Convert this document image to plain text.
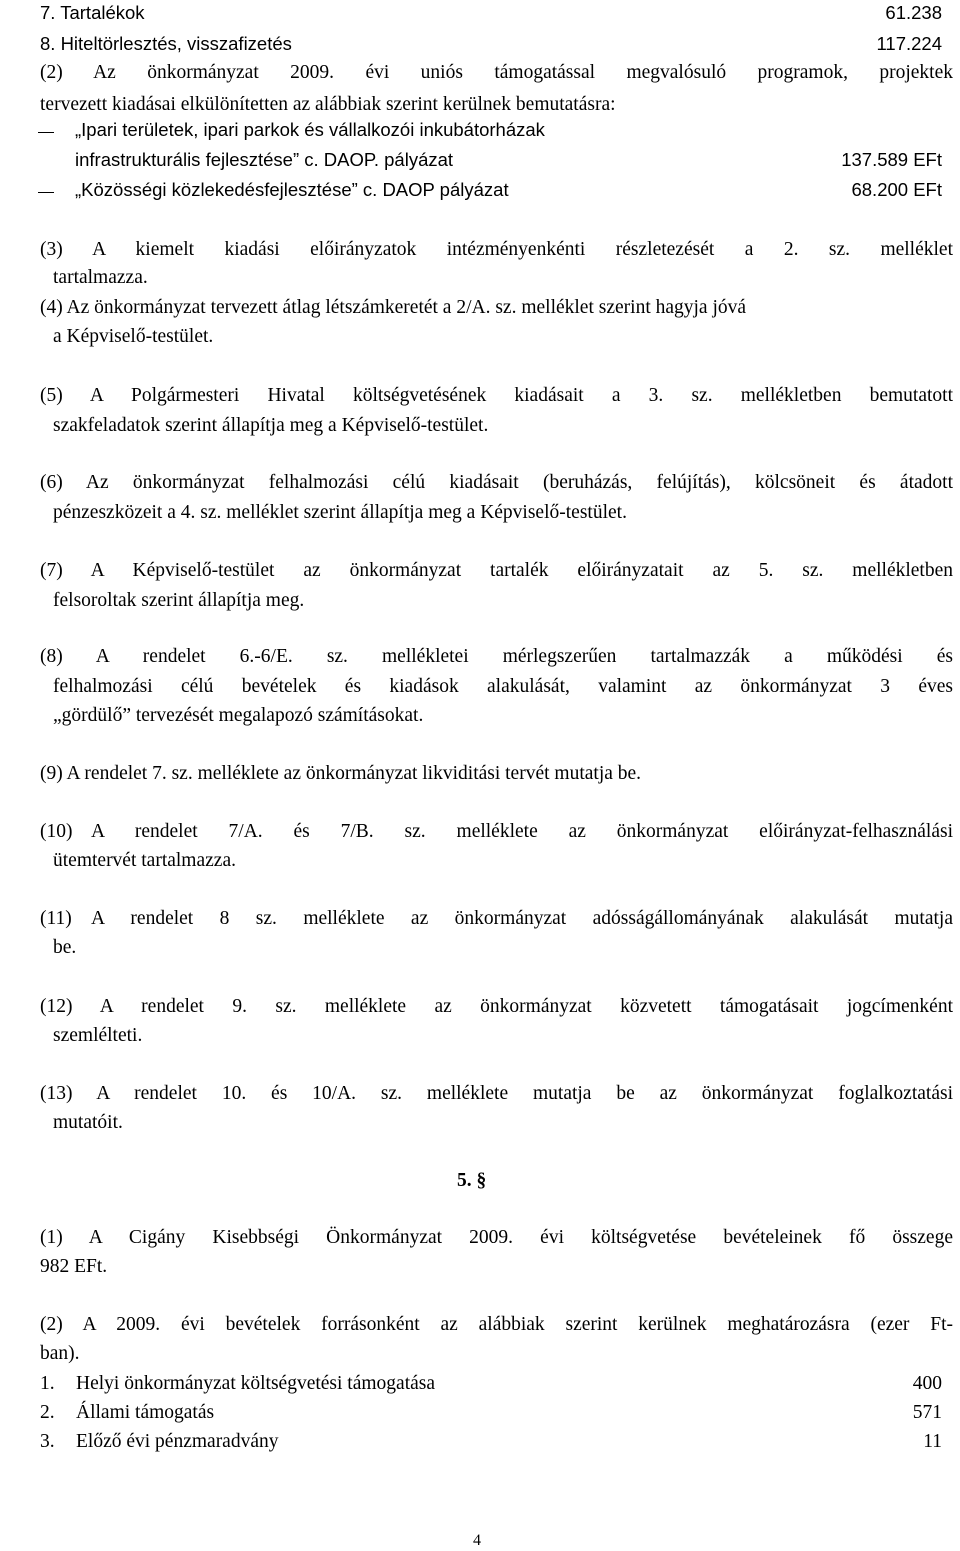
7. Tartalékok	61.238
8. Hiteltörlesztés, visszafizetés	117.224
(2) Az önkormányzat 2009. évi uniós támogatással megvalósuló programok, projektek
tervezett kiadásai elkülönítetten az alábbiak szerint kerülnek bemutatásra:
„Ipari területek, ipari parkok és vállalkozói inkubátorházak
infrastrukturális fejlesztése” c. DAOP. pályázat	137.589 EFt
„Közösségi közlekedésfejlesztése” c. DAOP pályázat	68.200 EFt
(3) A kiemelt kiadási előirányzatok intézményenkénti részletezését a 2. sz. melléklet
tartalmazza.
(4) Az önkormányzat tervezett átlag létszámkeretét a 2/A. sz. melléklet szerint hagyja jóvá
a Képviselő-testület.
(5) A Polgármesteri Hivatal költségvetésének kiadásait a 3. sz. mellékletben bemutatott
szakfeladatok szerint állapítja meg a Képviselő-testület.
(6) Az önkormányzat felhalmozási célú kiadásait (beruházás, felújítás), kölcsöneit és átadott
pénzeszközeit a 4. sz. melléklet szerint állapítja meg a Képviselő-testület.
(7) A Képviselő-testület az önkormányzat tartalék előirányzatait az 5. sz. mellékletben
felsoroltak szerint állapítja meg.
(8) A rendelet 6.-6/E. sz. mellékletei mérlegszerűen tartalmazzák a működési és
felhalmozási célú bevételek és kiadások alakulását, valamint az önkormányzat 3 éves
„gördülő” tervezését megalapozó számításokat.
(9) A rendelet 7. sz. melléklete az önkormányzat likviditási tervét mutatja be.
(10) A rendelet 7/A. és 7/B. sz. melléklete az önkormányzat előirányzat-felhasználási
ütemtervét tartalmazza.
(11) A rendelet 8 sz. melléklete az önkormányzat adósságállományának alakulását mutatja
be.
(12) A rendelet 9. sz. melléklete az önkormányzat közvetett támogatásait jogcímenként
szemlélteti.
(13) A rendelet 10. és 10/A. sz. melléklete mutatja be az önkormányzat foglalkoztatási
mutatóit.
5. §
(1) A Cigány Kisebbségi Önkormányzat 2009. évi költségvetése bevételeinek fő összege
982 EFt.
(2) A 2009. évi bevételek forrásonként az alábbiak szerint kerülnek meghatározásra (ezer Ft-
ban).
1. Helyi önkormányzat költségvetési támogatása	400
2. Állami támogatás	571
3. Előző évi pénzmaradvány	11
4
